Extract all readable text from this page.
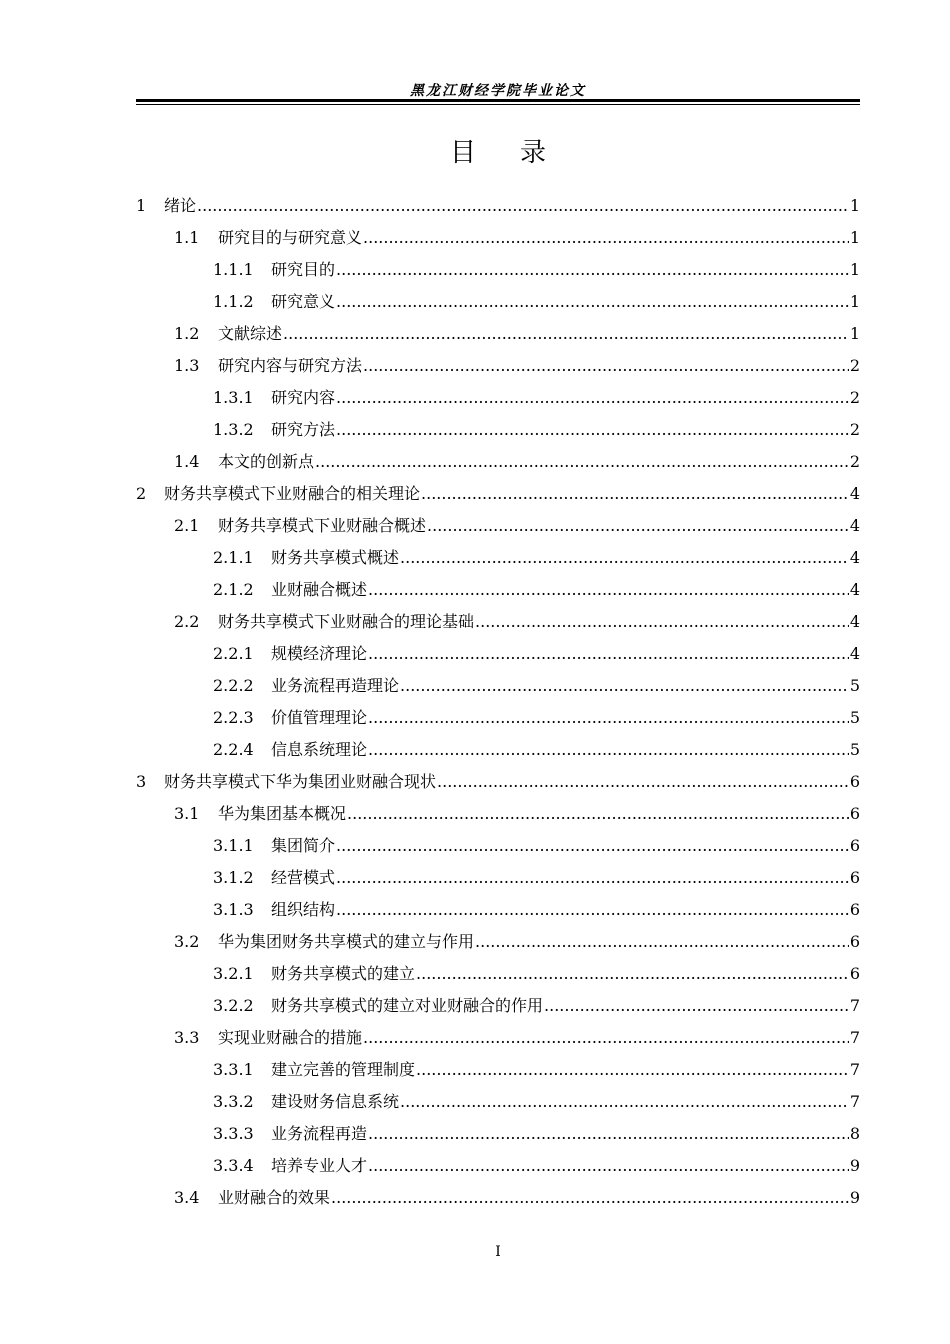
黑龙江财经学院毕业论文
目录
1	绪论 .....	1
1.1	研究目的与研究意义 .....	1
1.1.1	研究目的 .....	1
1.1.2	研究意义 .....	1
1.2	文献综述 .....	1
1.3	研究内容与研究方法 .....	2
1.3.1	研究内容 .....	2
1.3.2	研究方法 .....	2
1.4	本文的创新点 .....	2
2	财务共享模式下业财融合的相关理论 .....	4
2.1	财务共享模式下业财融合概述 .....	4
2.1.1	财务共享模式概述 .....	4
2.1.2	业财融合概述 .....	4
2.2	财务共享模式下业财融合的理论基础 .....	4
2.2.1	规模经济理论 .....	4
2.2.2	业务流程再造理论 .....	5
2.2.3	价值管理理论 .....	5
2.2.4	信息系统理论 .....	5
3	财务共享模式下华为集团业财融合现状 .....	6
3.1	华为集团基本概况 .....	6
3.1.1	集团简介 .....	6
3.1.2	经营模式 .....	6
3.1.3	组织结构 .....	6
3.2	华为集团财务共享模式的建立与作用 .....	6
3.2.1	财务共享模式的建立 .....	6
3.2.2	财务共享模式的建立对业财融合的作用 .....	7
3.3	实现业财融合的措施 .....	7
3.3.1	建立完善的管理制度 .....	7
3.3.2	建设财务信息系统 .....	7
3.3.3	业务流程再造 .....	8
3.3.4	培养专业人才 .....	9
3.4	业财融合的效果 .....	9
I
